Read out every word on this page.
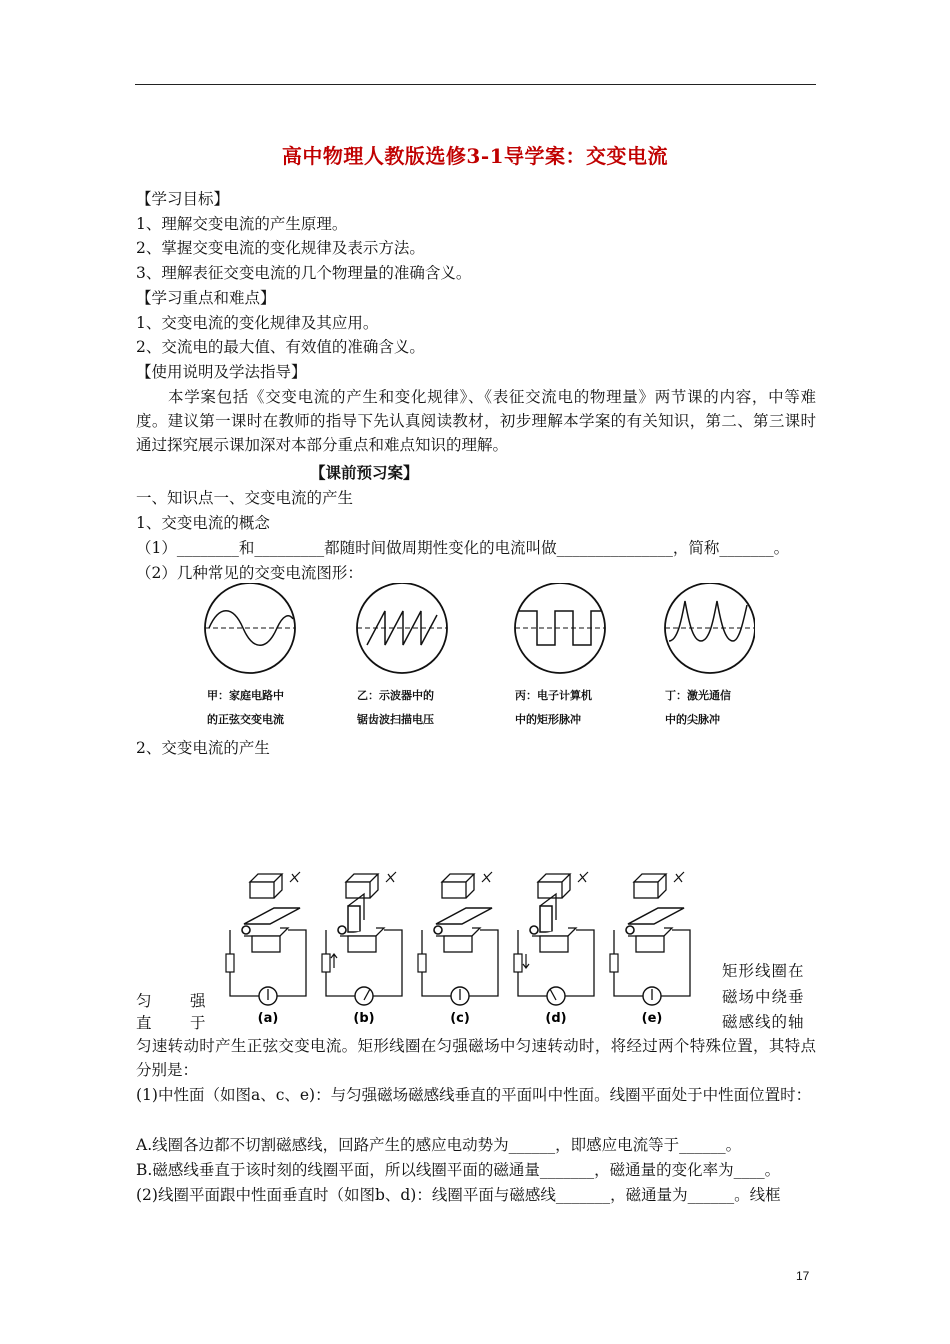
高中物理人教版选修3-1导学案：交变电流
【学习目标】
1、理解交变电流的产生原理。
2、掌握交变电流的变化规律及表示方法。
3、理解表征交变电流的几个物理量的准确含义。
【学习重点和难点】
1、交变电流的变化规律及其应用。
2、交流电的最大值、有效值的准确含义。
【使用说明及学法指导】
本学案包括《交变电流的产生和变化规律》、《表征交流电的物理量》两节课的内容，中等难度。建议第一课时在教师的指导下先认真阅读教材，初步理解本学案的有关知识，第二、第三课时通过探究展示课加深对本部分重点和难点知识的理解。
【课前预习案】
一、知识点一、交变电流的产生
1、交变电流的概念
（1）________和_________都随时间做周期性变化的电流叫做_______________，简称_______。
（2）几种常见的交变电流图形：
甲：家庭电路中
的正弦交变电流
乙：示波器中的
锯齿波扫描电压
丙：电子计算机
中的矩形脉冲
丁：激光通信
中的尖脉冲
2、交变电流的产生
(a)	(b)	(c)	(d)	(e)
匀 强
直 于
矩形线圈在
磁场中绕垂
磁感线的轴
匀速转动时产生正弦交变电流。矩形线圈在匀强磁场中匀速转动时，将经过两个特殊位置，其特点分别是：
(1)中性面（如图a、c、e)：与匀强磁场磁感线垂直的平面叫中性面。线圈平面处于中性面位置时：
A.线圈各边都不切割磁感线，回路产生的感应电动势为______，即感应电流等于______。
B.磁感线垂直于该时刻的线圈平面，所以线圈平面的磁通量_______，磁通量的变化率为____。
(2)线圈平面跟中性面垂直时（如图b、d)：线圈平面与磁感线_______，磁通量为______。线框
17
